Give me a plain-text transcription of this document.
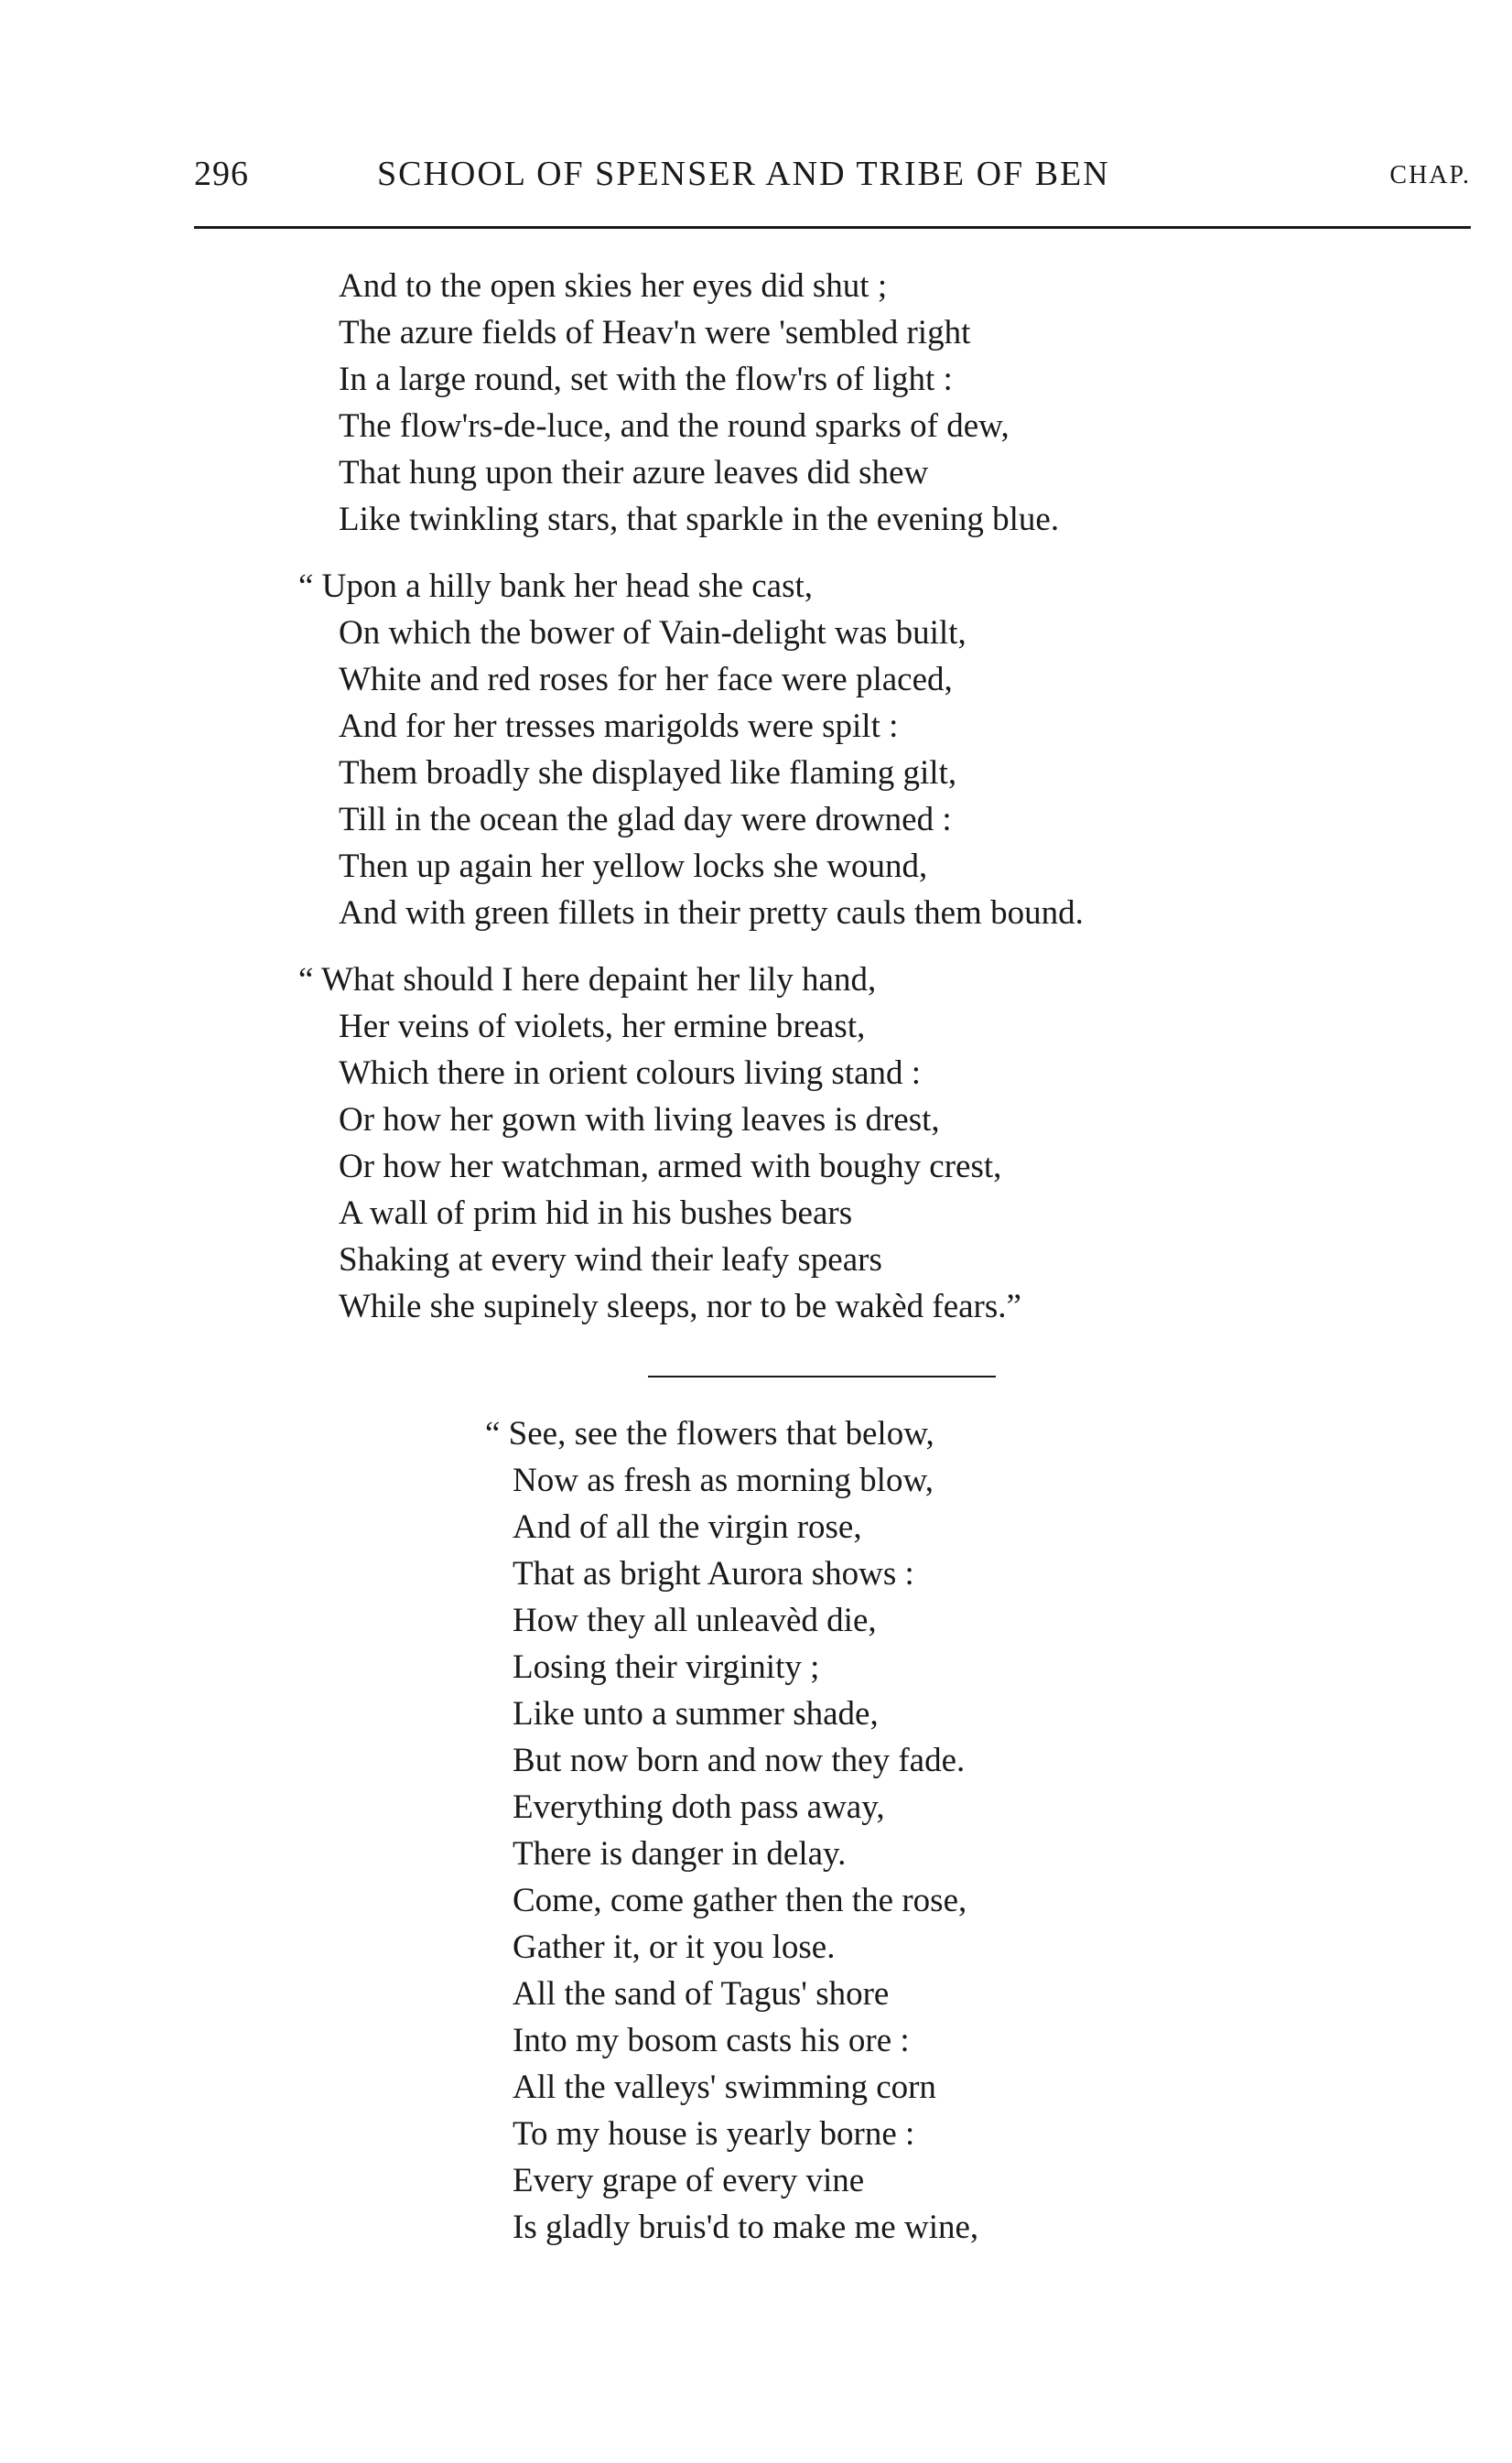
296	SCHOOL OF SPENSER AND TRIBE OF BEN	CHAP.
And to the open skies her eyes did shut ;
The azure fields of Heav'n were 'sembled right
In a large round, set with the flow'rs of light :
The flow'rs-de-luce, and the round sparks of dew,
That hung upon their azure leaves did shew
Like twinkling stars, that sparkle in the evening blue.
“ Upon a hilly bank her head she cast,
On which the bower of Vain-delight was built,
White and red roses for her face were placed,
And for her tresses marigolds were spilt :
Them broadly she displayed like flaming gilt,
Till in the ocean the glad day were drowned :
Then up again her yellow locks she wound,
And with green fillets in their pretty cauls them bound.
“ What should I here depaint her lily hand,
Her veins of violets, her ermine breast,
Which there in orient colours living stand :
Or how her gown with living leaves is drest,
Or how her watchman, armed with boughy crest,
A wall of prim hid in his bushes bears
Shaking at every wind their leafy spears
While she supinely sleeps, nor to be wakèd fears.”
“ See, see the flowers that below,
Now as fresh as morning blow,
And of all the virgin rose,
That as bright Aurora shows :
How they all unleavèd die,
Losing their virginity ;
Like unto a summer shade,
But now born and now they fade.
Everything doth pass away,
There is danger in delay.
Come, come gather then the rose,
Gather it, or it you lose.
All the sand of Tagus' shore
Into my bosom casts his ore :
All the valleys' swimming corn
To my house is yearly borne :
Every grape of every vine
Is gladly bruis'd to make me wine,
